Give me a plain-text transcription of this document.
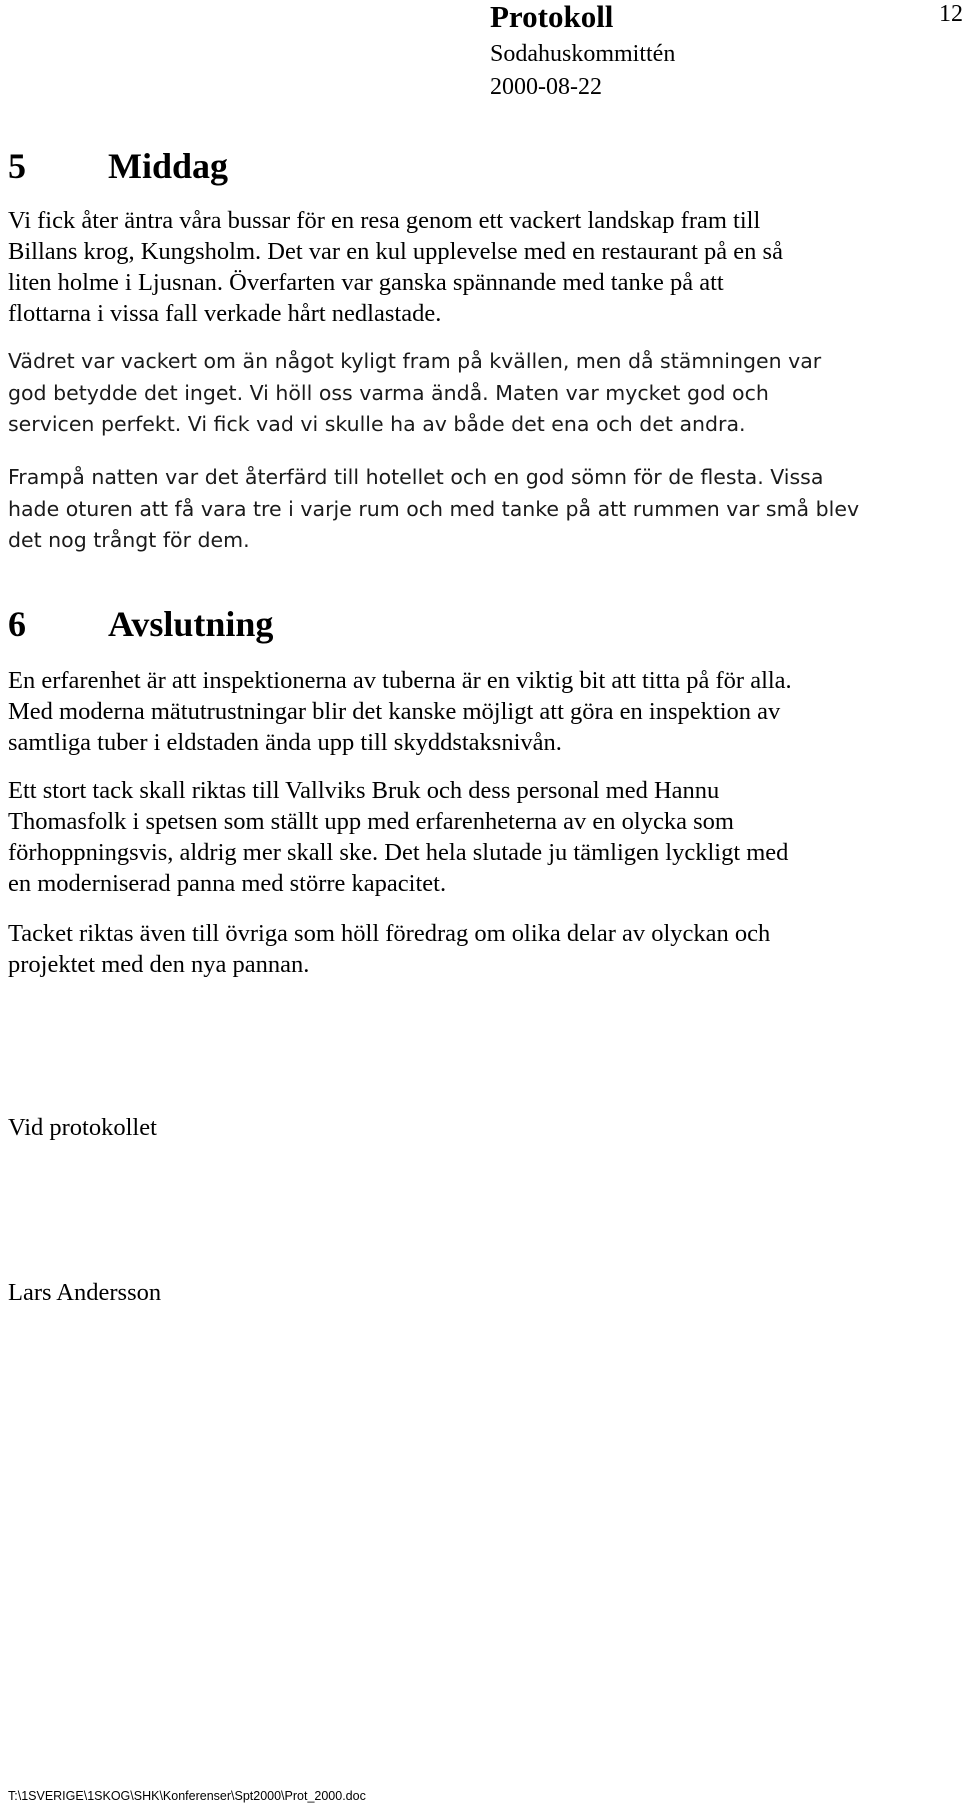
Protokoll	12
Sodahuskommittén
2000-08-22
5 Middag

Vi fick åter äntra våra bussar för en resa genom ett vackert landskap fram till
Billans krog, Kungsholm. Det var en kul upplevelse med en restaurant på en så
liten holme i Ljusnan. Överfarten var ganska spännande med tanke på att
flottarna i vissa fall verkade hårt nedlastade.

Vädret var vackert om än något kyligt fram på kvällen, men då stämningen var
god betydde det inget. Vi höll oss varma ändå. Maten var mycket god och
servicen perfekt. Vi fick vad vi skulle ha av både det ena och det andra.

Frampå natten var det återfärd till hotellet och en god sömn för de flesta. Vissa
hade oturen att få vara tre i varje rum och med tanke på att rummen var små blev
det nog trångt för dem.

6 Avslutning

En erfarenhet är att inspektionerna av tuberna är en viktig bit att titta på för alla.
Med moderna mätutrustningar blir det kanske möjligt att göra en inspektion av
samtliga tuber i eldstaden ända upp till skyddstaksnivån.

Ett stort tack skall riktas till Vallviks Bruk och dess personal med Hannu
Thomasfolk i spetsen som ställt upp med erfarenheterna av en olycka som
förhoppningsvis, aldrig mer skall ske. Det hela slutade ju tämligen lyckligt med
en moderniserad panna med större kapacitet.

Tacket riktas även till övriga som höll föredrag om olika delar av olyckan och
projektet med den nya pannan.

Vid protokollet
Lars Andersson
T:\1SVERIGE\1SKOG\SHK\Konferenser\Spt2000\Prot_2000.doc
